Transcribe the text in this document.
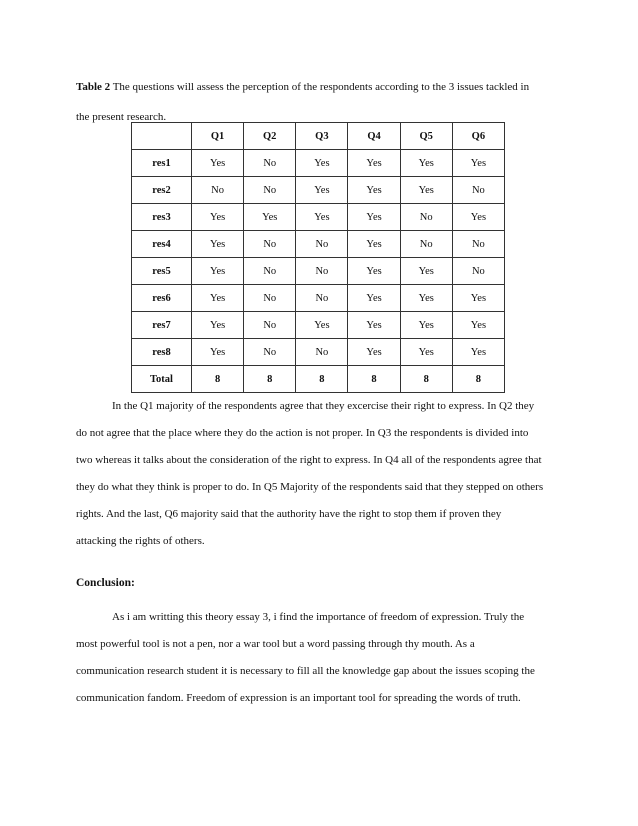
Table 2 The questions will assess the perception of the respondents according to the 3 issues tackled in
the present research.
	Q1	Q2	Q3	Q4	Q5	Q6
res1	Yes	No	Yes	Yes	Yes	Yes
res2	No	No	Yes	Yes	Yes	No
res3	Yes	Yes	Yes	Yes	No	Yes
res4	Yes	No	No	Yes	No	No
res5	Yes	No	No	Yes	Yes	No
res6	Yes	No	No	Yes	Yes	Yes
res7	Yes	No	Yes	Yes	Yes	Yes
res8	Yes	No	No	Yes	Yes	Yes
Total	8	8	8	8	8	8
In the Q1 majority of the respondents agree that they excercise their right to express. In Q2 they
do not agree that the place where they do the action is not proper. In Q3 the respondents is divided into
two whereas it talks about the consideration of the right to express. In Q4 all of the respondents agree that
they do what they think is proper to do. In Q5 Majority of the respondents said that they stepped on others
rights. And the last, Q6 majority said that the authority have the right to stop them if proven they
attacking the rights of others.
Conclusion:
As i am writting this theory essay 3, i find the importance of freedom of expression. Truly the
most powerful tool is not a pen, nor a war tool but a word passing through thy mouth. As a
communication research student it is necessary to fill all the knowledge gap about the issues scoping the
communication fandom. Freedom of expression is an important tool for spreading the words of truth.
